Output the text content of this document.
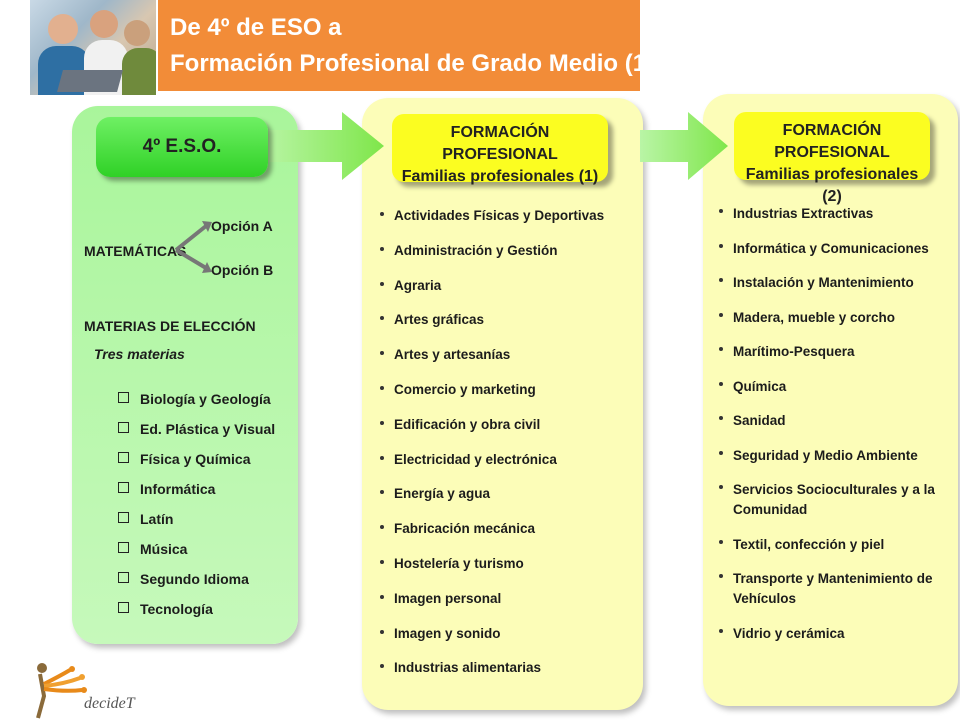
De 4º de ESO a
Formación Profesional de Grado Medio (1)
4º E.S.O.
MATEMÁTICAS
Opción A
Opción B
MATERIAS DE ELECCIÓN
Tres materias
Biología y Geología
Ed. Plástica y Visual
Física y Química
Informática
Latín
Música
Segundo Idioma
Tecnología
FORMACIÓN PROFESIONAL
Familias profesionales (1)
Actividades Físicas y Deportivas
Administración y Gestión
Agraria
Artes gráficas
Artes y artesanías
Comercio y marketing
Edificación y obra civil
Electricidad y electrónica
Energía y agua
Fabricación mecánica
Hostelería y turismo
Imagen personal
Imagen y sonido
Industrias alimentarias
FORMACIÓN PROFESIONAL
Familias profesionales (2)
Industrias Extractivas
Informática y Comunicaciones
Instalación y Mantenimiento
Madera, mueble y corcho
Marítimo-Pesquera
Química
Sanidad
Seguridad y Medio Ambiente
Servicios Socioculturales y a la
Comunidad
Textil, confección y piel
Transporte y Mantenimiento de
Vehículos
Vidrio y cerámica
decideT
